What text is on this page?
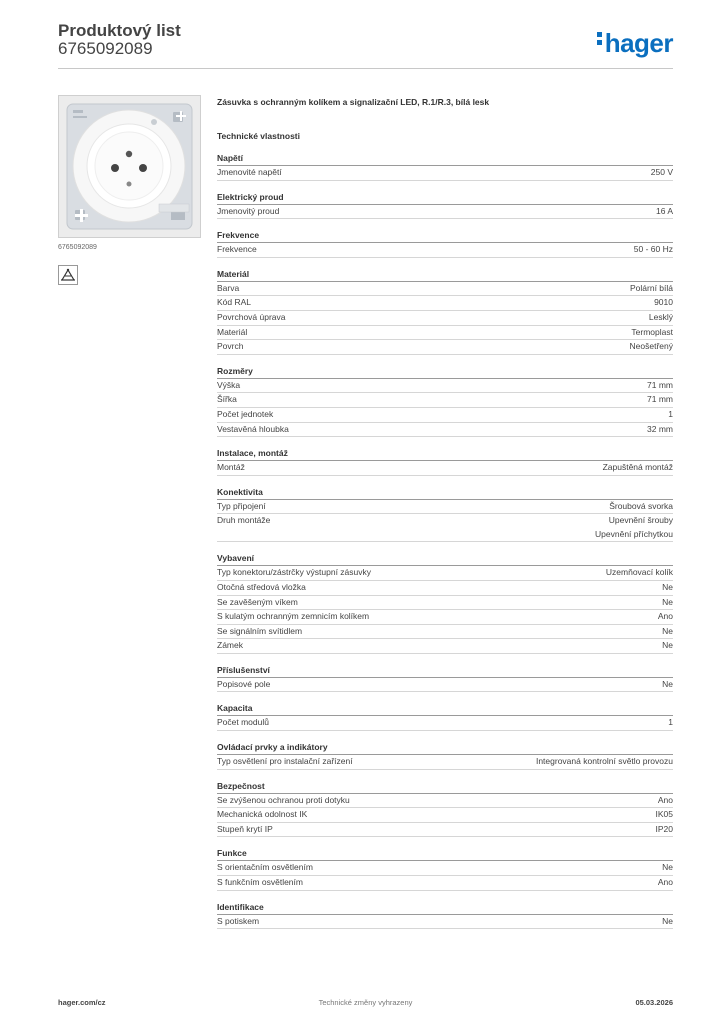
Produktový list
6765092089	hager
6765092089
Zásuvka s ochranným kolíkem a signalizační LED, R.1/R.3, bílá lesk
Technické vlastnosti
Napětí
Jmenovité napětí	250 V
Elektrický proud
Jmenovitý proud	16 A
Frekvence
Frekvence	50 - 60 Hz
Materiál
Barva	Polární bílá
Kód RAL	9010
Povrchová úprava	Lesklý
Materiál	Termoplast
Povrch	Neošetřený
Rozměry
Výška	71 mm
Šířka	71 mm
Počet jednotek	1
Vestavěná hloubka	32 mm
Instalace, montáž
Montáž	Zapuštěná montáž
Konektivita
Typ připojení	Šroubová svorka
Druh montáže	Upevnění šrouby
Upevnění příchytkou
Vybavení
Typ konektoru/zástrčky výstupní zásuvky	Uzemňovací kolík
Otočná středová vložka	Ne
Se zavěšeným víkem	Ne
S kulatým ochranným zemnicím kolíkem	Ano
Se signálním svítidlem	Ne
Zámek	Ne
Příslušenství
Popisové pole	Ne
Kapacita
Počet modulů	1
Ovládací prvky a indikátory
Typ osvětlení pro instalační zařízení	Integrovaná kontrolní světlo provozu
Bezpečnost
Se zvýšenou ochranou proti dotyku	Ano
Mechanická odolnost IK	IK05
Stupeň krytí IP	IP20
Funkce
S orientačním osvětlením	Ne
S funkčním osvětlením	Ano
Identifikace
S potiskem	Ne
hager.com/cz	Technické změny vyhrazeny	05.03.2026
